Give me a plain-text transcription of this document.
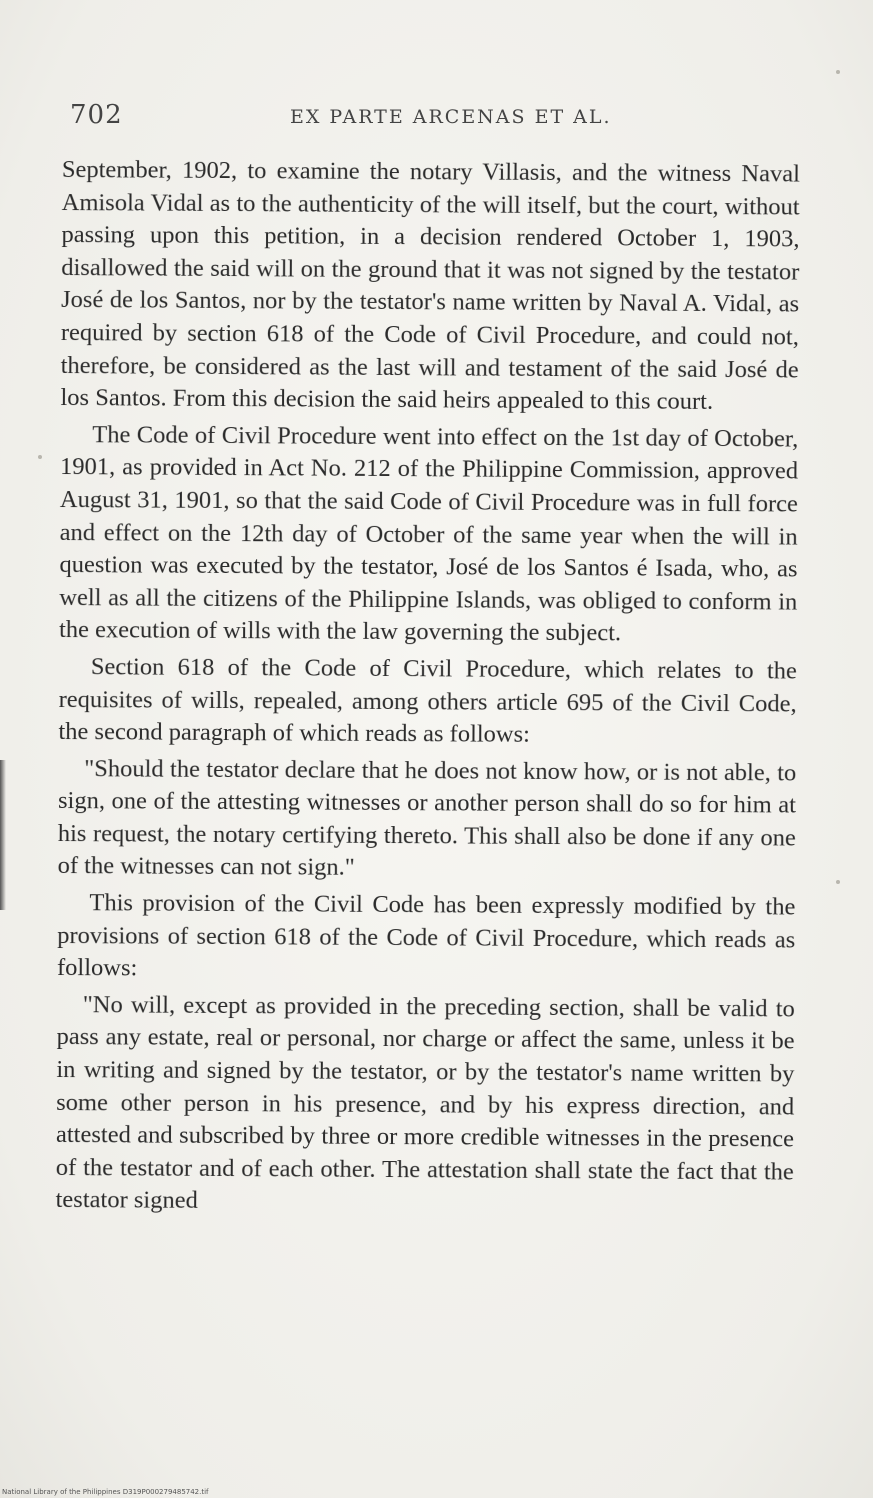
702	EX PARTE ARCENAS ET AL.

September, 1902, to examine the notary Villasis, and the witness Naval Amisola Vidal as to the authenticity of the will itself, but the court, without passing upon this petition, in a decision rendered October 1, 1903, disallowed the said will on the ground that it was not signed by the testator José de los Santos, nor by the testator's name written by Naval A. Vidal, as required by section 618 of the Code of Civil Procedure, and could not, therefore, be considered as the last will and testament of the said José de los Santos. From this decision the said heirs appealed to this court.

The Code of Civil Procedure went into effect on the 1st day of October, 1901, as provided in Act No. 212 of the Philippine Commission, approved August 31, 1901, so that the said Code of Civil Procedure was in full force and effect on the 12th day of October of the same year when the will in question was executed by the testator, José de los Santos é Isada, who, as well as all the citizens of the Philippine Islands, was obliged to conform in the execution of wills with the law governing the subject.

Section 618 of the Code of Civil Procedure, which relates to the requisites of wills, repealed, among others article 695 of the Civil Code, the second paragraph of which reads as follows:

"Should the testator declare that he does not know how, or is not able, to sign, one of the attesting witnesses or another person shall do so for him at his request, the notary certifying thereto. This shall also be done if any one of the witnesses can not sign."

This provision of the Civil Code has been expressly modified by the provisions of section 618 of the Code of Civil Procedure, which reads as follows:

"No will, except as provided in the preceding section, shall be valid to pass any estate, real or personal, nor charge or affect the same, unless it be in writing and signed by the testator, or by the testator's name written by some other person in his presence, and by his express direction, and attested and subscribed by three or more credible witnesses in the presence of the testator and of each other. The attestation shall state the fact that the testator signed

National Library of the Philippines D319P000279485742.tif
